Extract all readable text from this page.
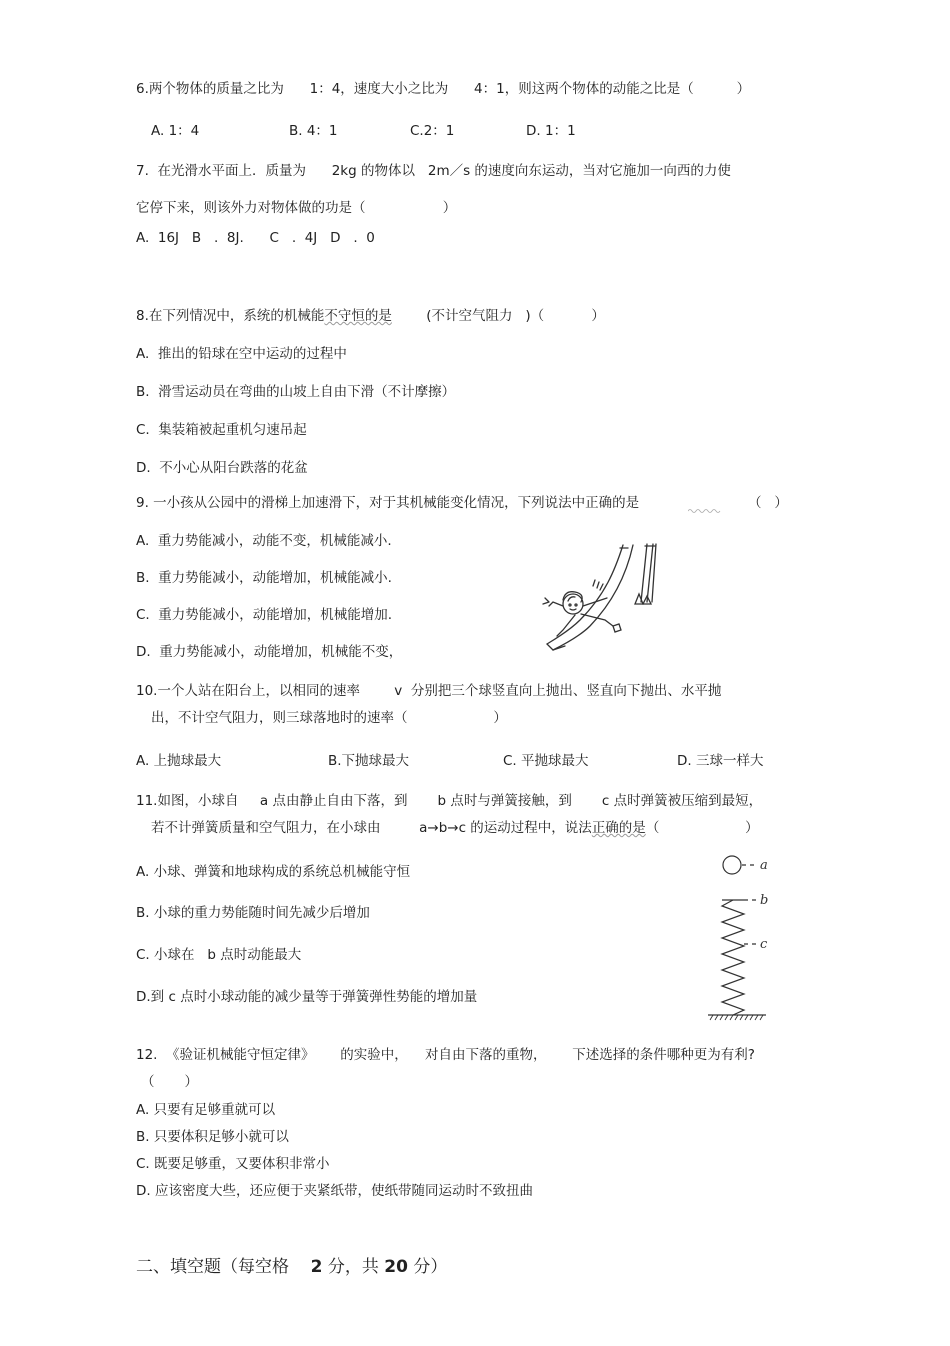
6.两个物体的质量之比为      1：4，速度大小之比为      4：1，则这两个物体的动能之比是（          ）
A. 1：4	B. 4：1	C.2：1	D. 1：1
7.  在光滑水平面上．质量为      2kg 的物体以   2m／s 的速度向东运动，当对它施加一向西的力使
它停下来，则该外力对物体做的功是（                  ）
A.  16J   B   .  8J.      C   .  4J   D   .  0
8.在下列情况中，系统的机械能不守恒的是        (不计空气阻力   )（           ）
A.  推出的铅球在空中运动的过程中
B.  滑雪运动员在弯曲的山坡上自由下滑（不计摩擦）
C.  集装箱被起重机匀速吊起
D.  不小心从阳台跌落的花盆
9. 一小孩从公园中的滑梯上加速滑下，对于其机械能变化情况，下列说法中正确的是	（   ）
A.  重力势能减小，动能不变，机械能减小.
B.  重力势能减小，动能增加，机械能减小.
C.  重力势能减小，动能增加，机械能增加.
D.  重力势能减小，动能增加，机械能不变，
10.一个人站在阳台上，以相同的速率        v  分别把三个球竖直向上抛出、竖直向下抛出、水平抛
出，不计空气阻力，则三球落地时的速率（                    ）
A. 上抛球最大	B.下抛球最大	C. 平抛球最大	D. 三球一样大
11.如图，小球自     a 点由静止自由下落，到       b 点时与弹簧接触，到       c 点时弹簧被压缩到最短，
若不计弹簧质量和空气阻力，在小球由         a→b→c 的运动过程中，说法正确的是（                    ）
A. 小球、弹簧和地球构成的系统总机械能守恒
B. 小球的重力势能随时间先减少后增加
C. 小球在   b 点时动能最大
D.到 c 点时小球动能的减少量等于弹簧弹性势能的增加量
a
b
c
12.  《验证机械能守恒定律》      的实验中，    对自由下落的重物，      下述选择的条件哪种更为有利?
（       ）
A. 只要有足够重就可以
B. 只要体积足够小就可以
C. 既要足够重，又要体积非常小
D. 应该密度大些，还应便于夹紧纸带，使纸带随同运动时不致扭曲
二、填空题（每空格    2 分，共 20 分）
